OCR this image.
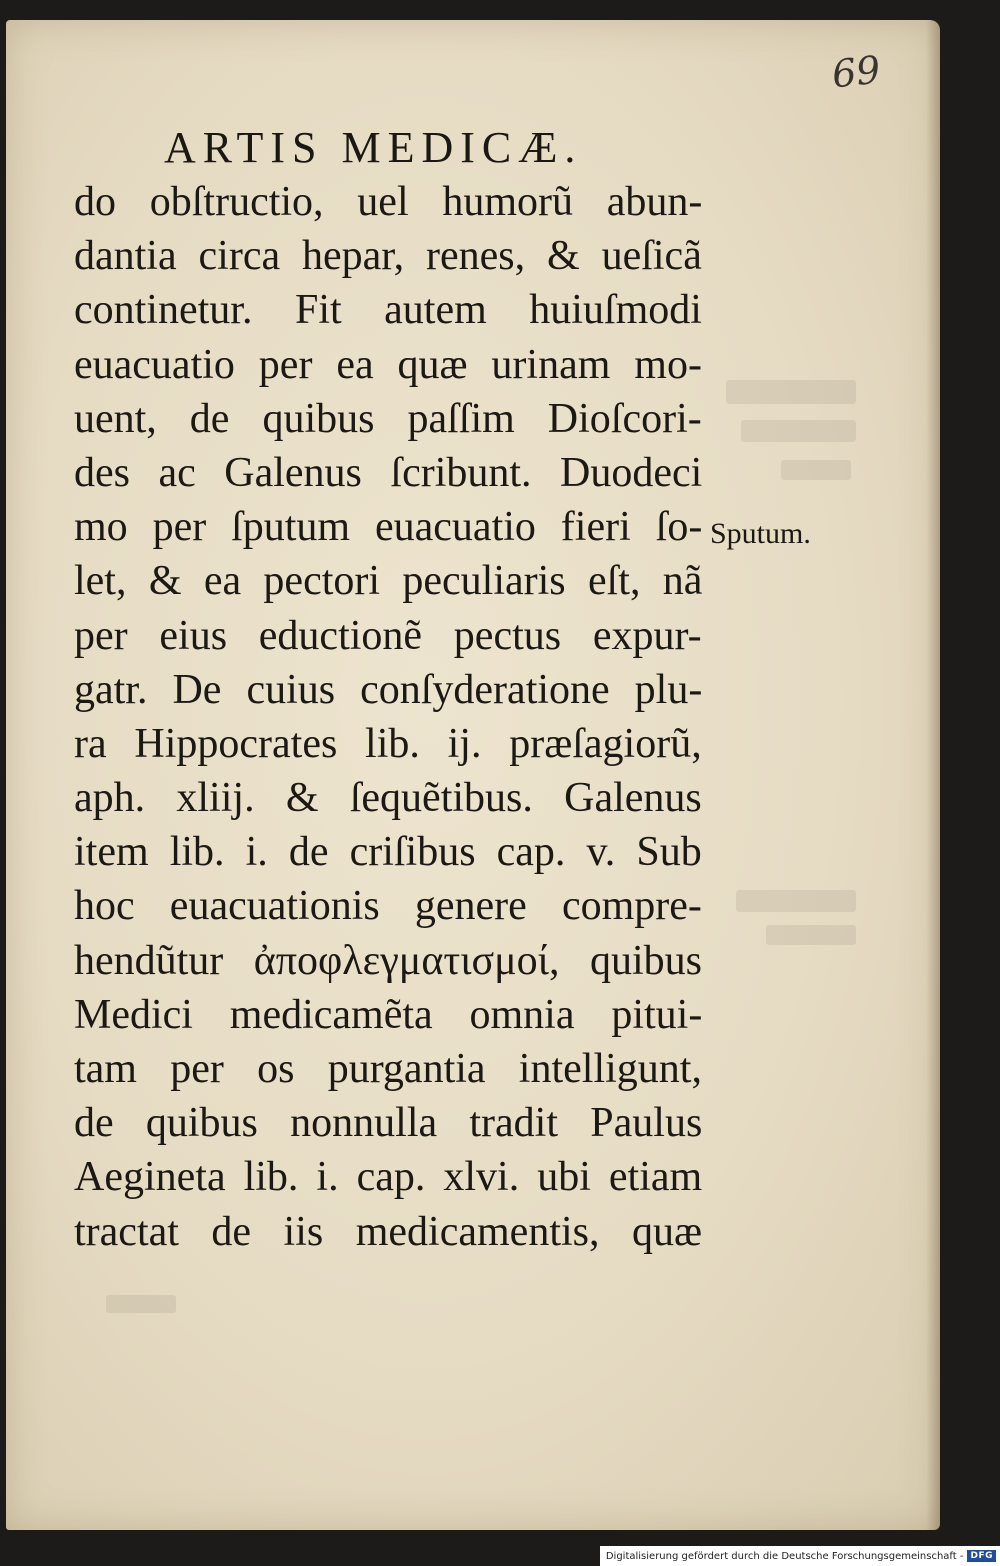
69
ARTIS MEDICÆ.
do obſtructio, uel humorũ abun-
dantia circa hepar, renes, & ueſicã
continetur. Fit autem huiuſmodi
euacuatio per ea quæ urinam mo-
uent, de quibus paſſim Dioſcori-
des ac Galenus ſcribunt. Duodeci
mo per ſputum euacuatio fieri ſo-
let, & ea pectori peculiaris eſt, nã
per eius eductionẽ pectus expur-
gatr. De cuius conſyderatione plu-
ra Hippocrates lib. ij. præſagiorũ,
aph. xliij. & ſequẽtibus. Galenus
item lib. i. de criſibus cap. v. Sub
hoc euacuationis genere compre-
hendũtur ἀποφλεγματισμοί, quibus
Medici medicamẽta omnia pitui-
tam per os purgantia intelligunt,
de quibus nonnulla tradit Paulus
Aegineta lib. i. cap. xlvi. ubi etiam
tractat de iis medicamentis, quæ
Sputum.
Digitalisierung gefördert durch die Deutsche Forschungsgemeinschaft - DFG
